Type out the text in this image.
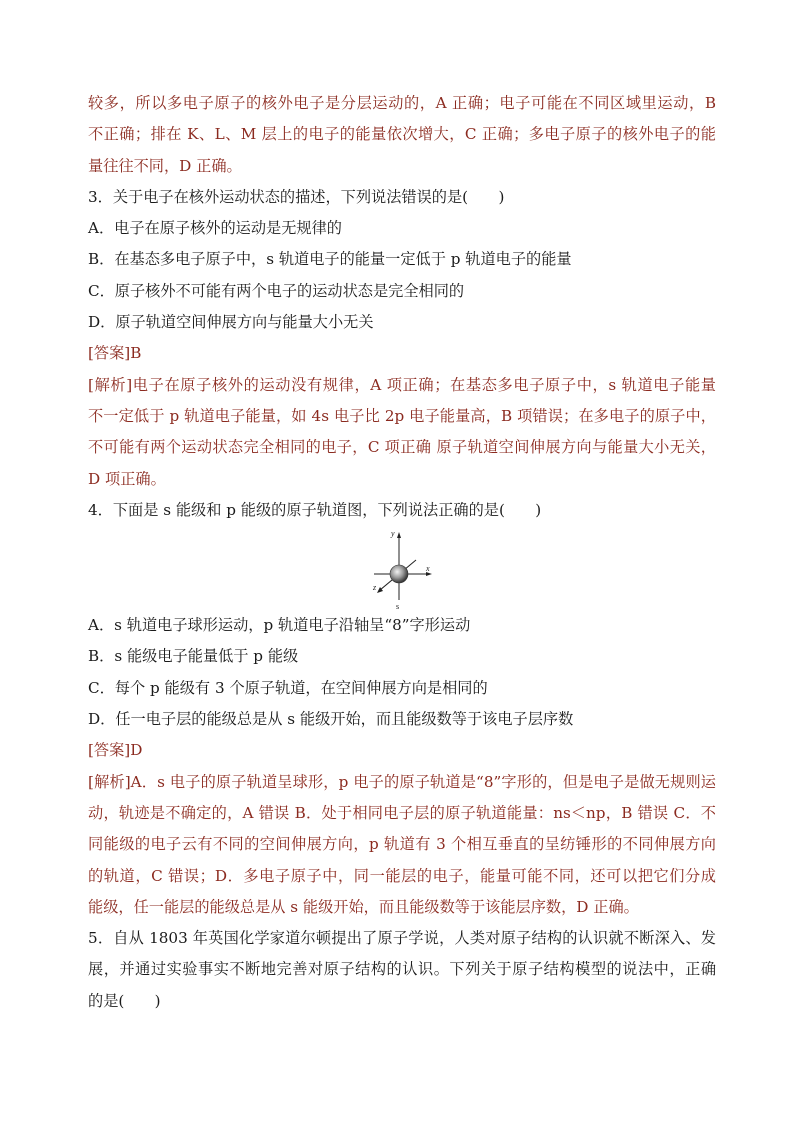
较多，所以多电子原子的核外电子是分层运动的，A 正确；电子可能在不同区域里运动，B
不正确；排在 K、L、M 层上的电子的能量依次增大，C 正确；多电子原子的核外电子的能
量往往不同，D 正确。
3．关于电子在核外运动状态的描述，下列说法错误的是(　　)
A．电子在原子核外的运动是无规律的
B．在基态多电子原子中，s 轨道电子的能量一定低于 p 轨道电子的能量
C．原子核外不可能有两个电子的运动状态是完全相同的
D．原子轨道空间伸展方向与能量大小无关
[答案]B
[解析]电子在原子核外的运动没有规律，A 项正确；在基态多电子原子中，s 轨道电子能量
不一定低于 p 轨道电子能量，如 4s 电子比 2p 电子能量高，B 项错误；在多电子的原子中，
不可能有两个运动状态完全相同的电子，C 项正确 原子轨道空间伸展方向与能量大小无关，
D 项正确。
4．下面是 s 能级和 p 能级的原子轨道图，下列说法正确的是(　　)
y
x
z
s
A．s 轨道电子球形运动，p 轨道电子沿轴呈“8”字形运动
B．s 能级电子能量低于 p 能级
C．每个 p 能级有 3 个原子轨道，在空间伸展方向是相同的
D．任一电子层的能级总是从 s 能级开始，而且能级数等于该电子层序数
[答案]D
[解析]A．s 电子的原子轨道呈球形，p 电子的原子轨道是“8”字形的，但是电子是做无规则运
动，轨迹是不确定的，A 错误 B．处于相同电子层的原子轨道能量：ns＜np，B 错误 C．不
同能级的电子云有不同的空间伸展方向，p 轨道有 3 个相互垂直的呈纺锤形的不同伸展方向
的轨道，C 错误；D．多电子原子中，同一能层的电子，能量可能不同，还可以把它们分成
能级，任一能层的能级总是从 s 能级开始，而且能级数等于该能层序数，D 正确。
5．自从 1803 年英国化学家道尔顿提出了原子学说，人类对原子结构的认识就不断深入、发
展，并通过实验事实不断地完善对原子结构的认识。下列关于原子结构模型的说法中，正确
的是(　　)
